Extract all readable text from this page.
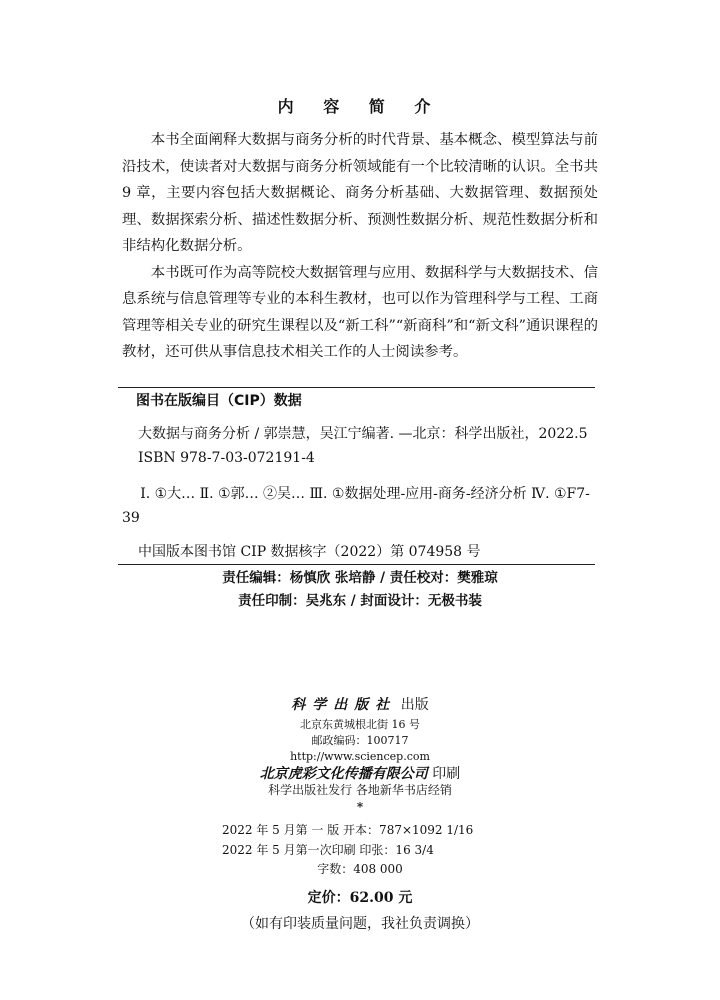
内 容 简 介

本书全面阐释大数据与商务分析的时代背景、基本概念、模型算法与前沿技术，使读者对大数据与商务分析领域能有一个比较清晰的认识。全书共 9 章，主要内容包括大数据概论、商务分析基础、大数据管理、数据预处理、数据探索分析、描述性数据分析、预测性数据分析、规范性数据分析和非结构化数据分析。

本书既可作为高等院校大数据管理与应用、数据科学与大数据技术、信息系统与信息管理等专业的本科生教材，也可以作为管理科学与工程、工商管理等相关专业的研究生课程以及“新工科”“新商科”和“新文科”通识课程的教材，还可供从事信息技术相关工作的人士阅读参考。

图书在版编目（CIP）数据
大数据与商务分析 / 郭崇慧，吴江宁编著. —北京：科学出版社，2022.5
ISBN 978-7-03-072191-4
Ⅰ. ①大… Ⅱ. ①郭… ②吴… Ⅲ. ①数据处理-应用-商务-经济分析 Ⅳ. ①F7-39
中国版本图书馆 CIP 数据核字（2022）第 074958 号
责任编辑：杨慎欣 张培静 / 责任校对：樊雅琼
责任印制：吴兆东 / 封面设计：无极书装
科学出版社 出版
北京东黄城根北街 16 号
邮政编码：100717
http://www.sciencep.com
北京虎彩文化传播有限公司 印刷
科学出版社发行 各地新华书店经销
*
2022 年 5 月第 一 版 开本：787×1092 1/16
2022 年 5 月第一次印刷 印张：16 3/4
字数：408 000
定价：62.00 元
（如有印装质量问题，我社负责调换）
